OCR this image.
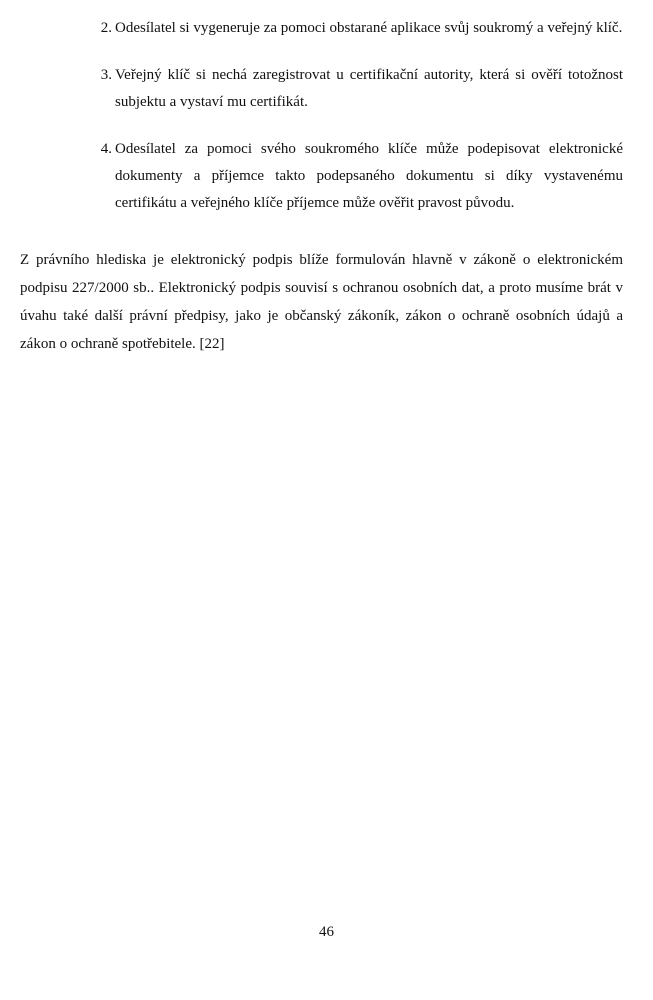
2. Odesílatel si vygeneruje za pomoci obstarané aplikace svůj soukromý a veřejný klíč.
3. Veřejný klíč si nechá zaregistrovat u certifikační autority, která si ověří totožnost subjektu a vystaví mu certifikát.
4. Odesílatel za pomoci svého soukromého klíče může podepisovat elektronické dokumenty a příjemce takto podepsaného dokumentu si díky vystavenému certifikátu a veřejného klíče příjemce může ověřit pravost původu.

Z právního hlediska je elektronický podpis blíže formulován hlavně v zákoně o elektronickém podpisu 227/2000 sb.. Elektronický podpis souvisí s ochranou osobních dat, a proto musíme brát v úvahu také další právní předpisy, jako je občanský zákoník, zákon o ochraně osobních údajů a zákon o ochraně spotřebitele. [22]

46
